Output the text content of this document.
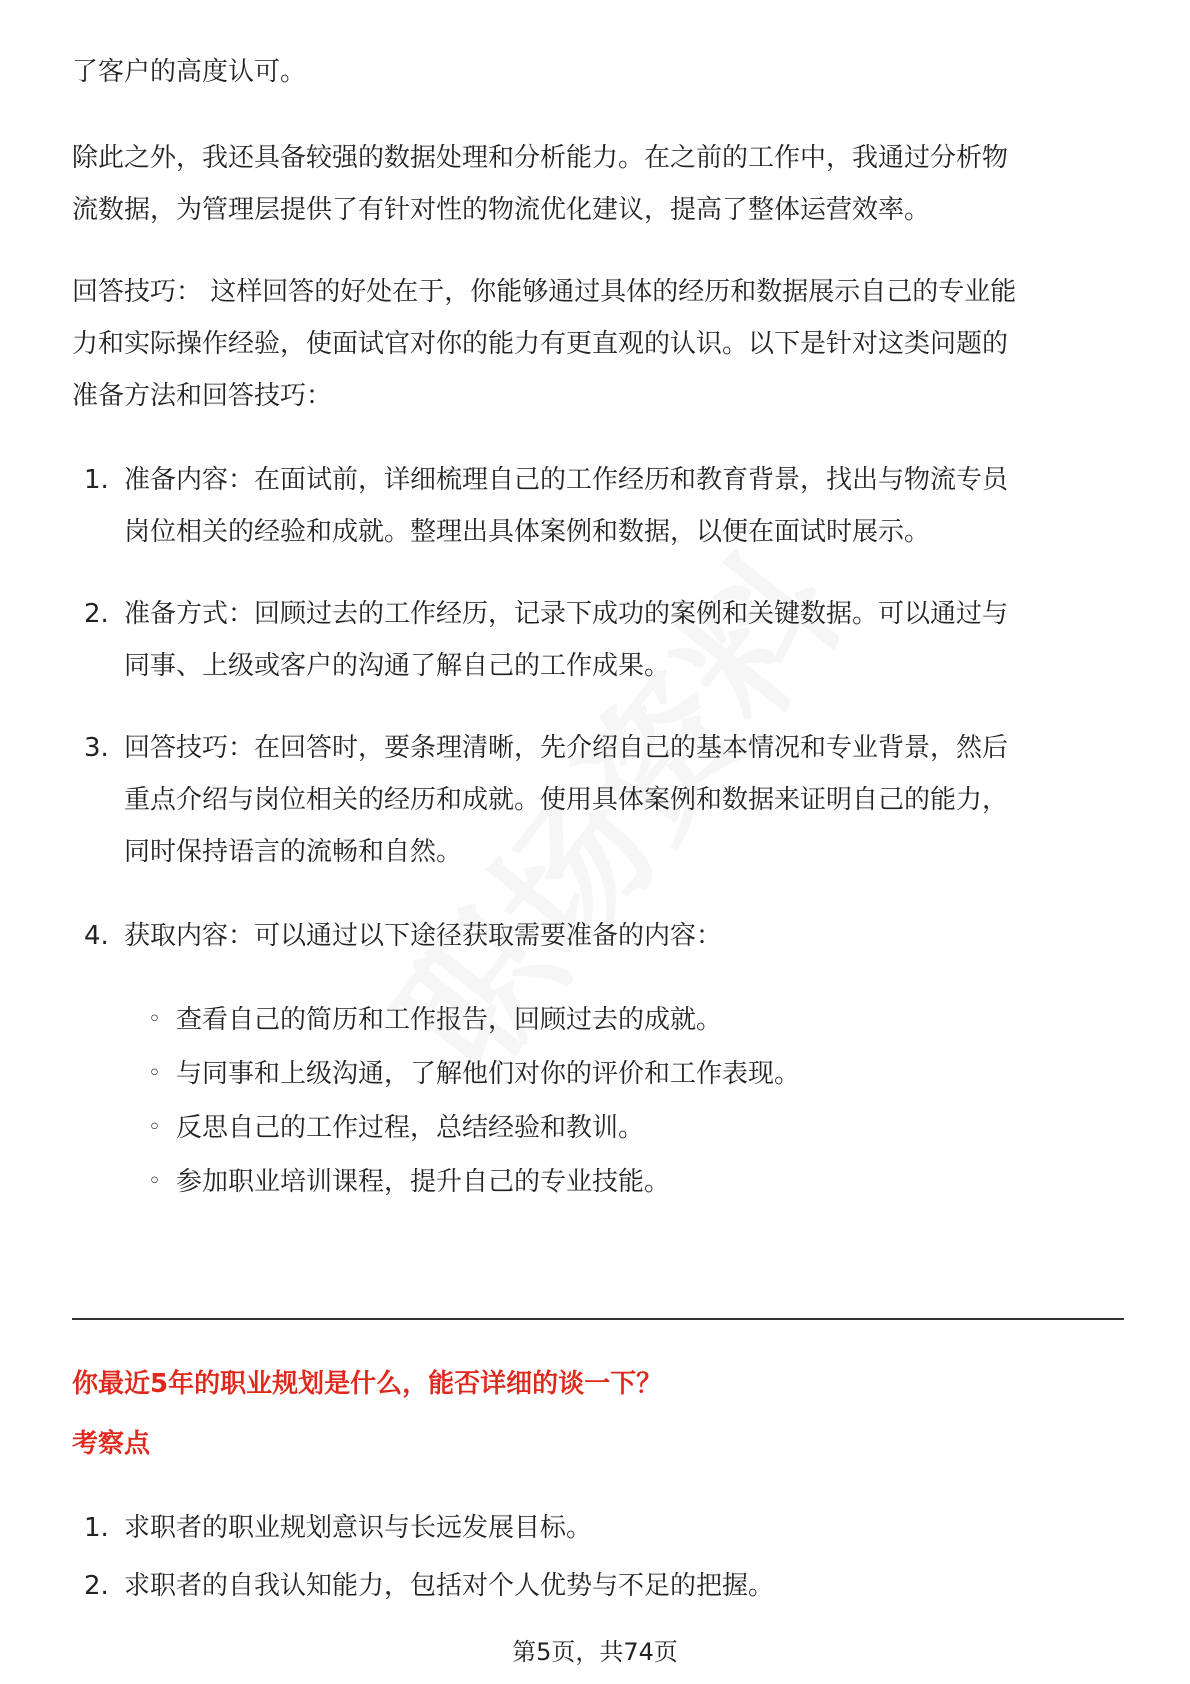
了客户的高度认可。

除此之外，我还具备较强的数据处理和分析能力。在之前的工作中，我通过分析物

流数据，为管理层提供了有针对性的物流优化建议，提高了整体运营效率。

回答技巧： 这样回答的好处在于，你能够通过具体的经历和数据展示自己的专业能

力和实际操作经验，使面试官对你的能力有更直观的认识。以下是针对这类问题的

准备方法和回答技巧：

1. 准备内容：在面试前，详细梳理自己的工作经历和教育背景，找出与物流专员
岗位相关的经验和成就。整理出具体案例和数据，以便在面试时展示。
2. 准备方式：回顾过去的工作经历，记录下成功的案例和关键数据。可以通过与
同事、上级或客户的沟通了解自己的工作成果。
3. 回答技巧：在回答时，要条理清晰，先介绍自己的基本情况和专业背景，然后
重点介绍与岗位相关的经历和成就。使用具体案例和数据来证明自己的能力，
同时保持语言的流畅和自然。
4. 获取内容：可以通过以下途径获取需要准备的内容：
◦ 查看自己的简历和工作报告，回顾过去的成就。
◦ 与同事和上级沟通，了解他们对你的评价和工作表现。
◦ 反思自己的工作过程，总结经验和教训。
◦ 参加职业培训课程，提升自己的专业技能。
你最近5年的职业规划是什么，能否详细的谈一下？
考察点
1. 求职者的职业规划意识与长远发展目标。
2. 求职者的自我认知能力，包括对个人优势与不足的把握。
第5页，共74页
